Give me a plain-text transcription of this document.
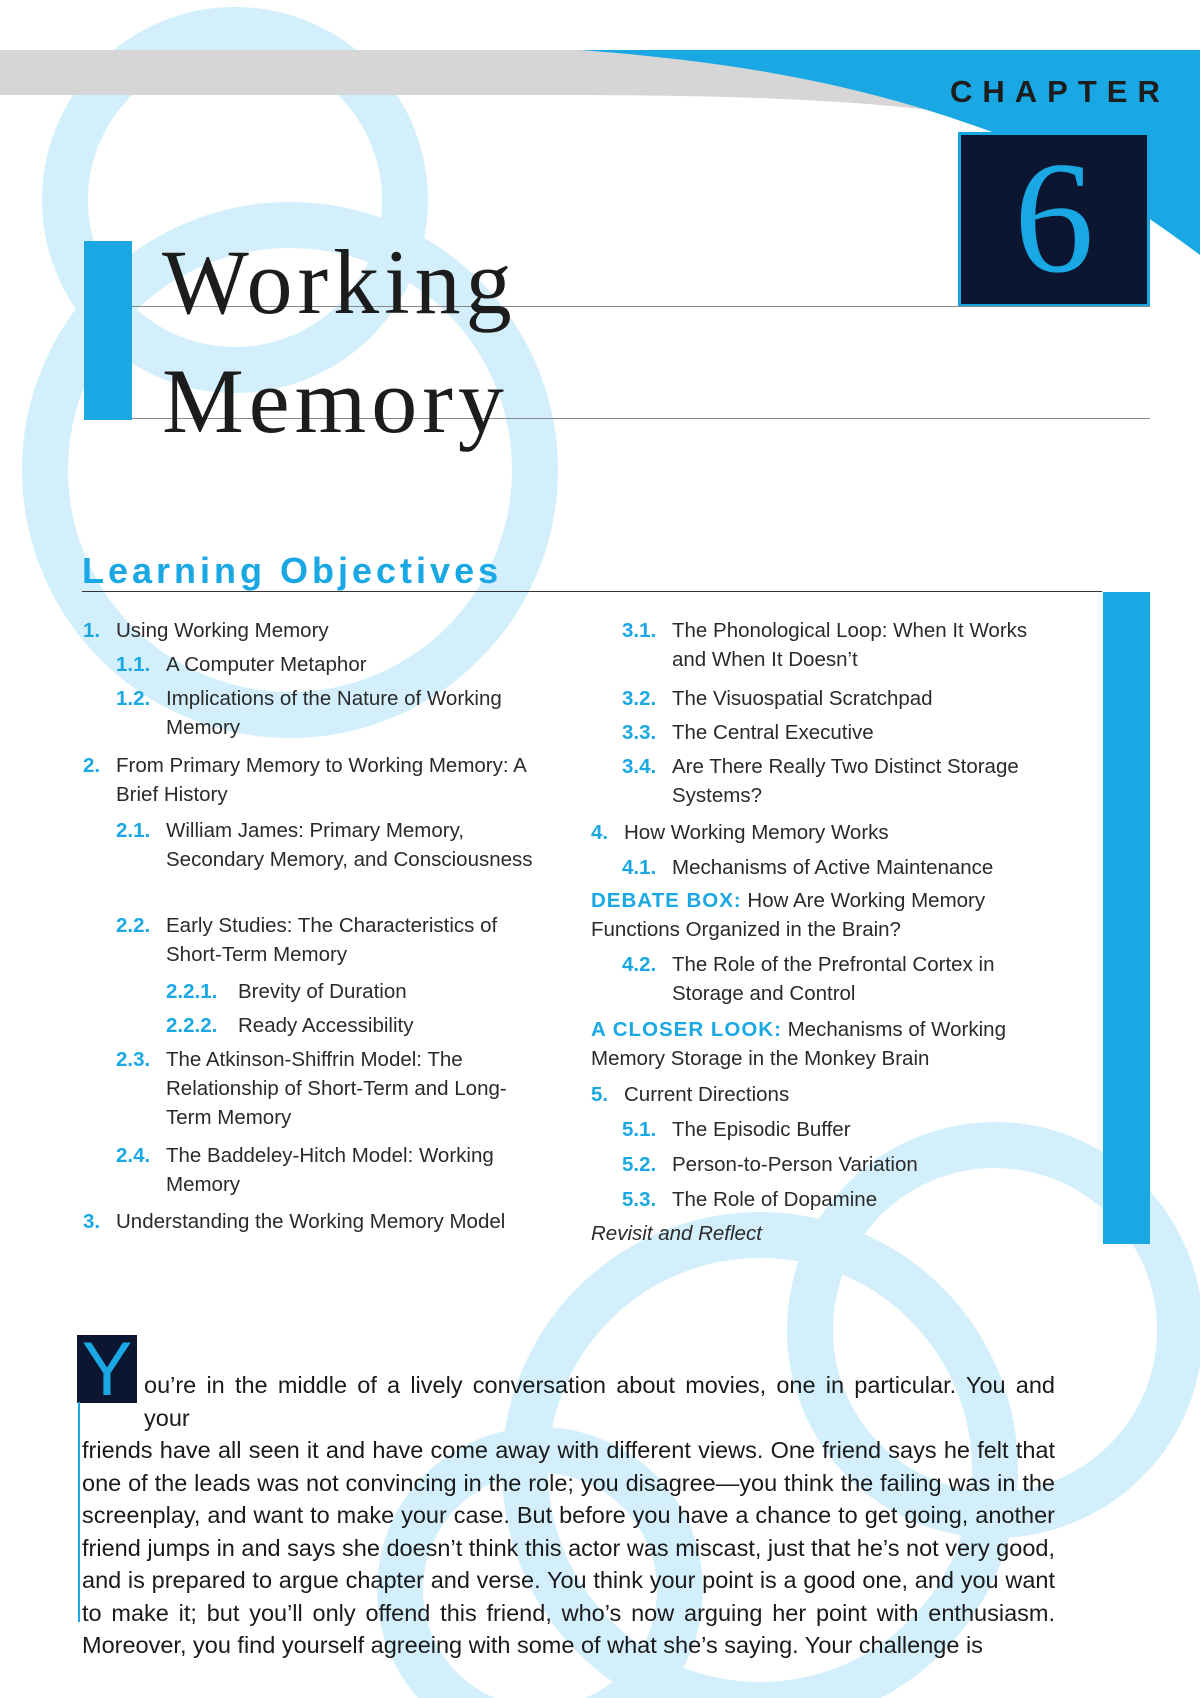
CHAPTER
6
Working
Memory
Learning Objectives
1. Using Working Memory
1.1. A Computer Metaphor
1.2. Implications of the Nature of Working Memory
2. From Primary Memory to Working Memory: A Brief History
2.1. William James: Primary Memory, Secondary Memory, and Consciousness
2.2. Early Studies: The Characteristics of Short-Term Memory
2.2.1.	Brevity of Duration
2.2.2.	Ready Accessibility
2.3. The Atkinson-Shiffrin Model: The Relationship of Short-Term and Long-Term Memory
2.4. The Baddeley-Hitch Model: Working Memory
3. Understanding the Working Memory Model
3.1. The Phonological Loop: When It Works and When It Doesn’t
3.2. The Visuospatial Scratchpad
3.3. The Central Executive
3.4. Are There Really Two Distinct Storage Systems?
4. How Working Memory Works
4.1. Mechanisms of Active Maintenance
DEBATE BOX: How Are Working Memory Functions Organized in the Brain?
4.2. The Role of the Prefrontal Cortex in Storage and Control
A CLOSER LOOK: Mechanisms of Working Memory Storage in the Monkey Brain
5. Current Directions
5.1. The Episodic Buffer
5.2. Person-to-Person Variation
5.3. The Role of Dopamine
Revisit and Reflect
Y ou’re in the middle of a lively conversation about movies, one in particular. You and your
friends have all seen it and have come away with different views. One friend says he felt that one of the leads was not convincing in the role; you disagree—you think the failing was in the screenplay, and want to make your case. But before you have a chance to get going, another friend jumps in and says she doesn’t think this actor was miscast, just that he’s not very good, and is prepared to argue chapter and verse. You think your point is a good one, and you want to make it; but you’ll only offend this friend, who’s now arguing her point with enthusiasm. Moreover, you find yourself agreeing with some of what she’s saying. Your challenge is
